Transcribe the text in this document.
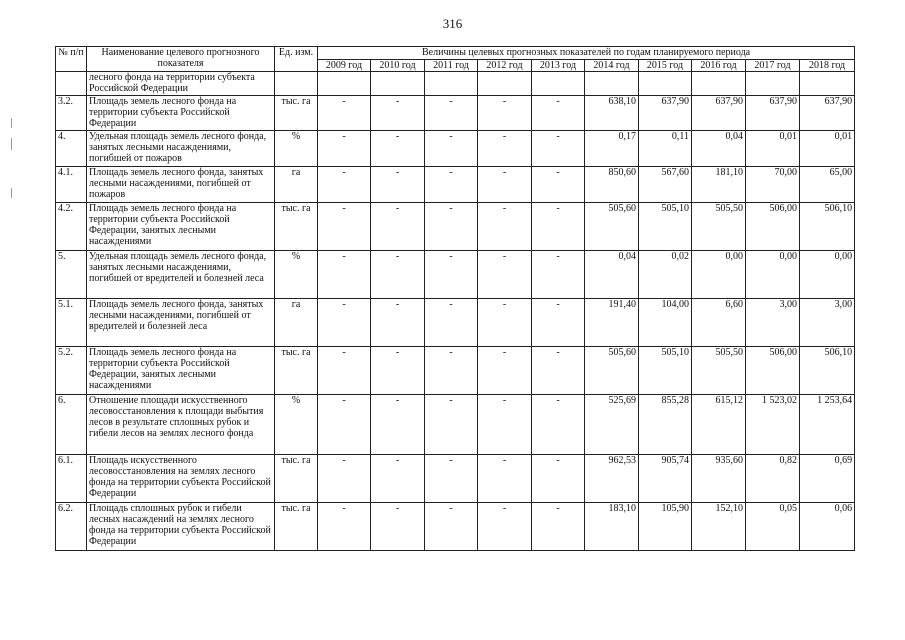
316
№ п/п	Наименование целевого прогнозного показателя	Ед. изм.	Величины целевых прогнозных показателей по годам планируемого периода									
			2009 год	2010 год	2011 год	2012 год	2013 год	2014 год	2015 год	2016 год	2017 год	2018 год
	лесного фонда на территории субъекта Российской Федерации											
3.2.	Площадь земель лесного фонда на территории субъекта Российской Федерации	тыс. га	-	-	-	-	-	638,10	637,90	637,90	637,90	637,90
4.	Удельная площадь земель лесного фонда, занятых лесными насаждениями, погибшей от пожаров	%	-	-	-	-	-	0,17	0,11	0,04	0,01	0,01
4.1.	Площадь земель лесного фонда, занятых лесными насаждениями, погибшей от пожаров	га	-	-	-	-	-	850,60	567,60	181,10	70,00	65,00
4.2.	Площадь земель лесного фонда на территории субъекта Российской Федерации, занятых лесными насаждениями	тыс. га	-	-	-	-	-	505,60	505,10	505,50	506,00	506,10
5.	Удельная площадь земель лесного фонда, занятых лесными насаждениями, погибшей от вредителей и болезней леса	%	-	-	-	-	-	0,04	0,02	0,00	0,00	0,00
5.1.	Площадь земель лесного фонда, занятых лесными насаждениями, погибшей от вредителей и болезней леса	га	-	-	-	-	-	191,40	104,00	6,60	3,00	3,00
5.2.	Площадь земель лесного фонда на территории субъекта Российской Федерации, занятых лесными насаждениями	тыс. га	-	-	-	-	-	505,60	505,10	505,50	506,00	506,10
6.	Отношение площади искусственного лесовосстановления к площади выбытия лесов в результате сплошных рубок и гибели лесов на землях лесного фонда	%	-	-	-	-	-	525,69	855,28	615,12	1 523,02	1 253,64
6.1.	Площадь искусственного лесовосстановления на землях лесного фонда на территории субъекта Российской Федерации	тыс. га	-	-	-	-	-	962,53	905,74	935,60	0,82	0,69
6.2.	Площадь сплошных рубок и гибели лесных насаждений на землях лесного фонда на территории субъекта Российской Федерации	тыс. га	-	-	-	-	-	183,10	105,90	152,10	0,05	0,06
